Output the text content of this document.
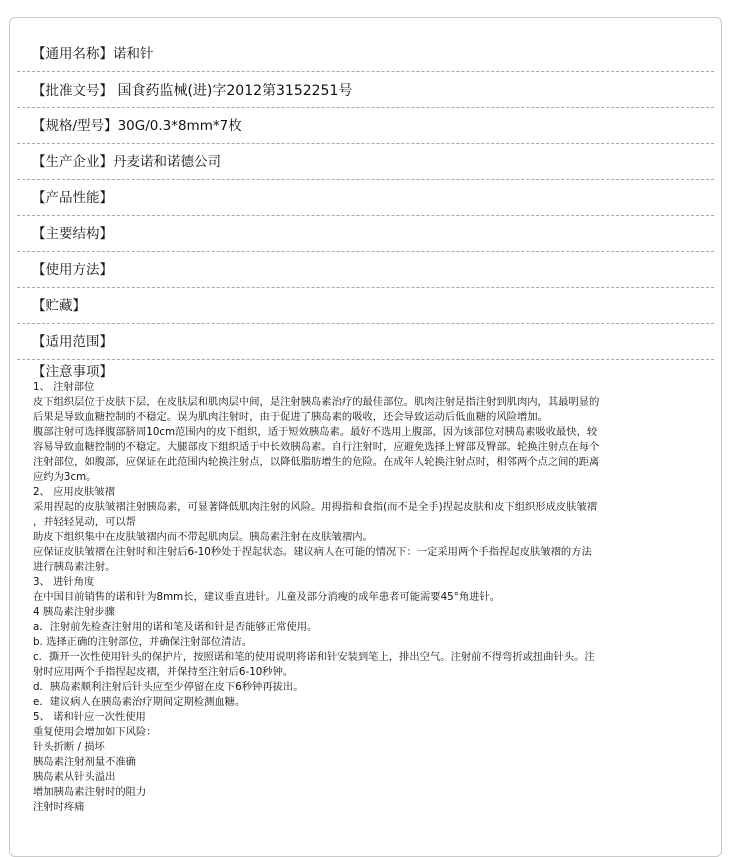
【通用名称】诺和针
【批准文号】 国食药监械(进)字2012第3152251号
【规格/型号】30G/0.3*8mm*7枚
【生产企业】丹麦诺和诺德公司
【产品性能】
【主要结构】
【使用方法】
【贮藏】
【适用范围】
【注意事项】
1、 注射部位
皮下组织层位于皮肤下层，在皮肤层和肌肉层中间，是注射胰岛素治疗的最佳部位。肌肉注射是指注射到肌肉内，其最明显的
后果是导致血糖控制的不稳定。误为肌肉注射时，由于促进了胰岛素的吸收，还会导致运动后低血糖的风险增加。
腹部注射可选择腹部脐周10cm范围内的皮下组织，适于短效胰岛素。最好不选用上腹部，因为该部位对胰岛素吸收最快，较
容易导致血糖控制的不稳定。大腿部皮下组织适于中长效胰岛素。自行注射时，应避免选择上臂部及臀部。轮换注射点在每个
注射部位，如腹部，应保证在此范围内轮换注射点，以降低脂肪增生的危险。在成年人轮换注射点时，相邻两个点之间的距离
应约为3cm。
2、 应用皮肤皱褶
采用捏起的皮肤皱褶注射胰岛素，可显著降低肌肉注射的风险。用拇指和食指(而不是全手)捏起皮肤和皮下组织形成皮肤皱褶
，并轻轻晃动，可以帮
助皮下组织集中在皮肤皱褶内而不带起肌肉层。胰岛素注射在皮肤皱褶内。
应保证皮肤皱褶在注射时和注射后6-10秒处于捏起状态。建议病人在可能的情况下：一定采用两个手指捏起皮肤皱褶的方法
进行胰岛素注射。
3、 进针角度
在中国目前销售的诺和针为8mm长，建议垂直进针。儿童及部分消瘦的成年患者可能需要45°角进针。
4 胰岛素注射步骤
a．注射前先检查注射用的诺和笔及诺和针是否能够正常使用。
b. 选择正确的注射部位，并确保注射部位清洁。
c．撕开一次性使用针头的保护片，按照诺和笔的使用说明将诺和针安装到笔上，排出空气。注射前不得弯折或扭曲针头。注
射时应用两个手指捏起皮褶，并保持至注射后6-10秒钟。
d．胰岛素顺利注射后针头应至少停留在皮下6秒钟再拔出。
e．建议病人在胰岛素治疗期间定期检测血糖。
5、 诺和针应一次性使用
重复使用会增加如下风险：
针头折断 / 损坏
胰岛素注射剂量不准确
胰岛素从针头溢出
增加胰岛素注射时的阻力
注射时疼痛
